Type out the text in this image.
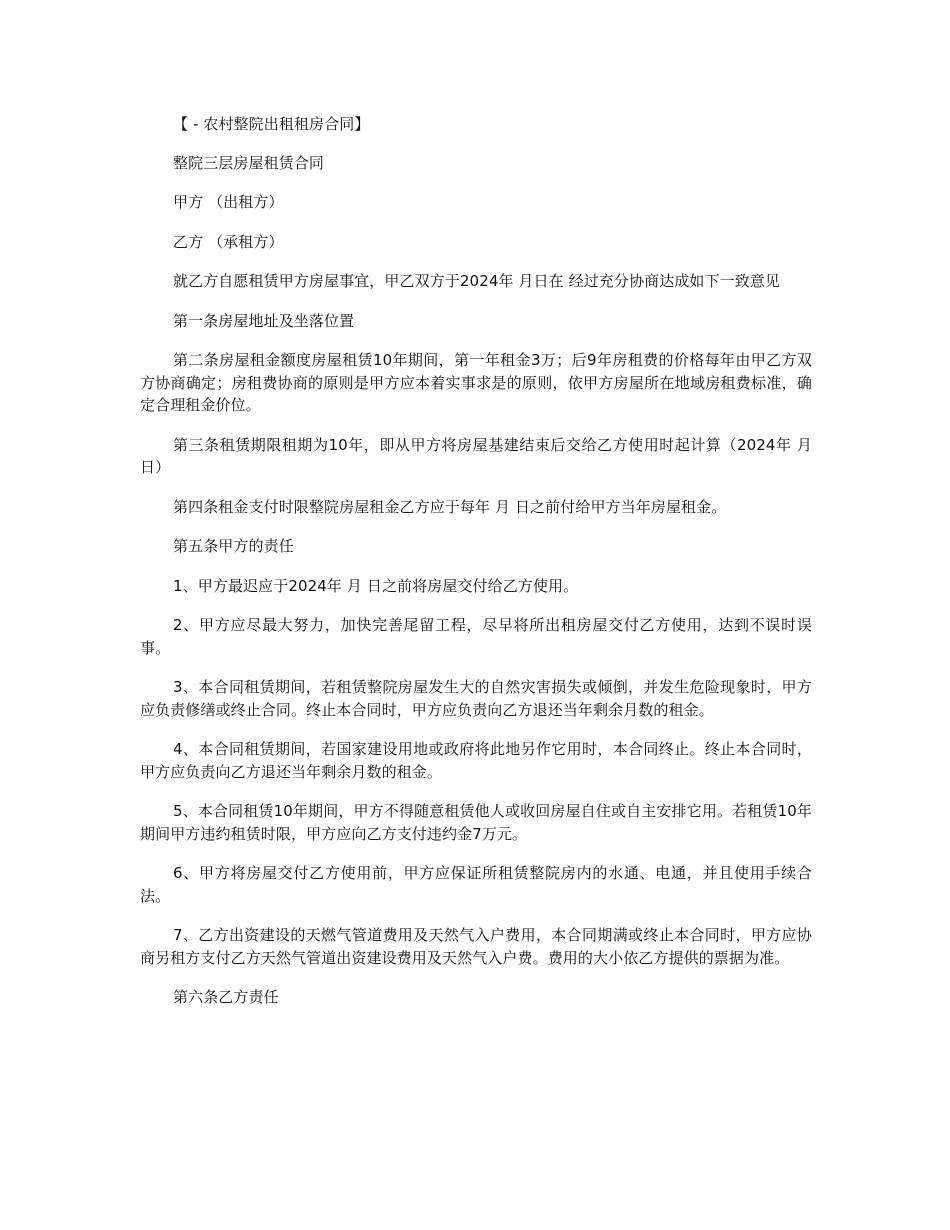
【 - 农村整院出租租房合同】

整院三层房屋租赁合同

甲方 （出租方）

乙方 （承租方）

就乙方自愿租赁甲方房屋事宜，甲乙双方于2024年 月日在 经过充分协商达成如下一致意见

第一条房屋地址及坐落位置

第二条房屋租金额度房屋租赁10年期间，第一年租金3万；后9年房租费的价格每年由甲乙方双方协商确定；房租费协商的原则是甲方应本着实事求是的原则，依甲方房屋所在地域房租费标准，确定合理租金价位。

第三条租赁期限租期为10年，即从甲方将房屋基建结束后交给乙方使用时起计算（2024年 月 日）

第四条租金支付时限整院房屋租金乙方应于每年 月 日之前付给甲方当年房屋租金。

第五条甲方的责任

1、甲方最迟应于2024年 月 日之前将房屋交付给乙方使用。

2、甲方应尽最大努力，加快完善尾留工程，尽早将所出租房屋交付乙方使用，达到不误时误事。

3、本合同租赁期间，若租赁整院房屋发生大的自然灾害损失或倾倒，并发生危险现象时，甲方应负责修缮或终止合同。终止本合同时，甲方应负责向乙方退还当年剩余月数的租金。

4、本合同租赁期间，若国家建设用地或政府将此地另作它用时，本合同终止。终止本合同时，甲方应负责向乙方退还当年剩余月数的租金。

5、本合同租赁10年期间，甲方不得随意租赁他人或收回房屋自住或自主安排它用。若租赁10年期间甲方违约租赁时限，甲方应向乙方支付违约金7万元。

6、甲方将房屋交付乙方使用前，甲方应保证所租赁整院房内的水通、电通，并且使用手续合法。

7、乙方出资建设的天燃气管道费用及天然气入户费用，本合同期满或终止本合同时，甲方应协商另租方支付乙方天然气管道出资建设费用及天然气入户费。费用的大小依乙方提供的票据为准。

第六条乙方责任
